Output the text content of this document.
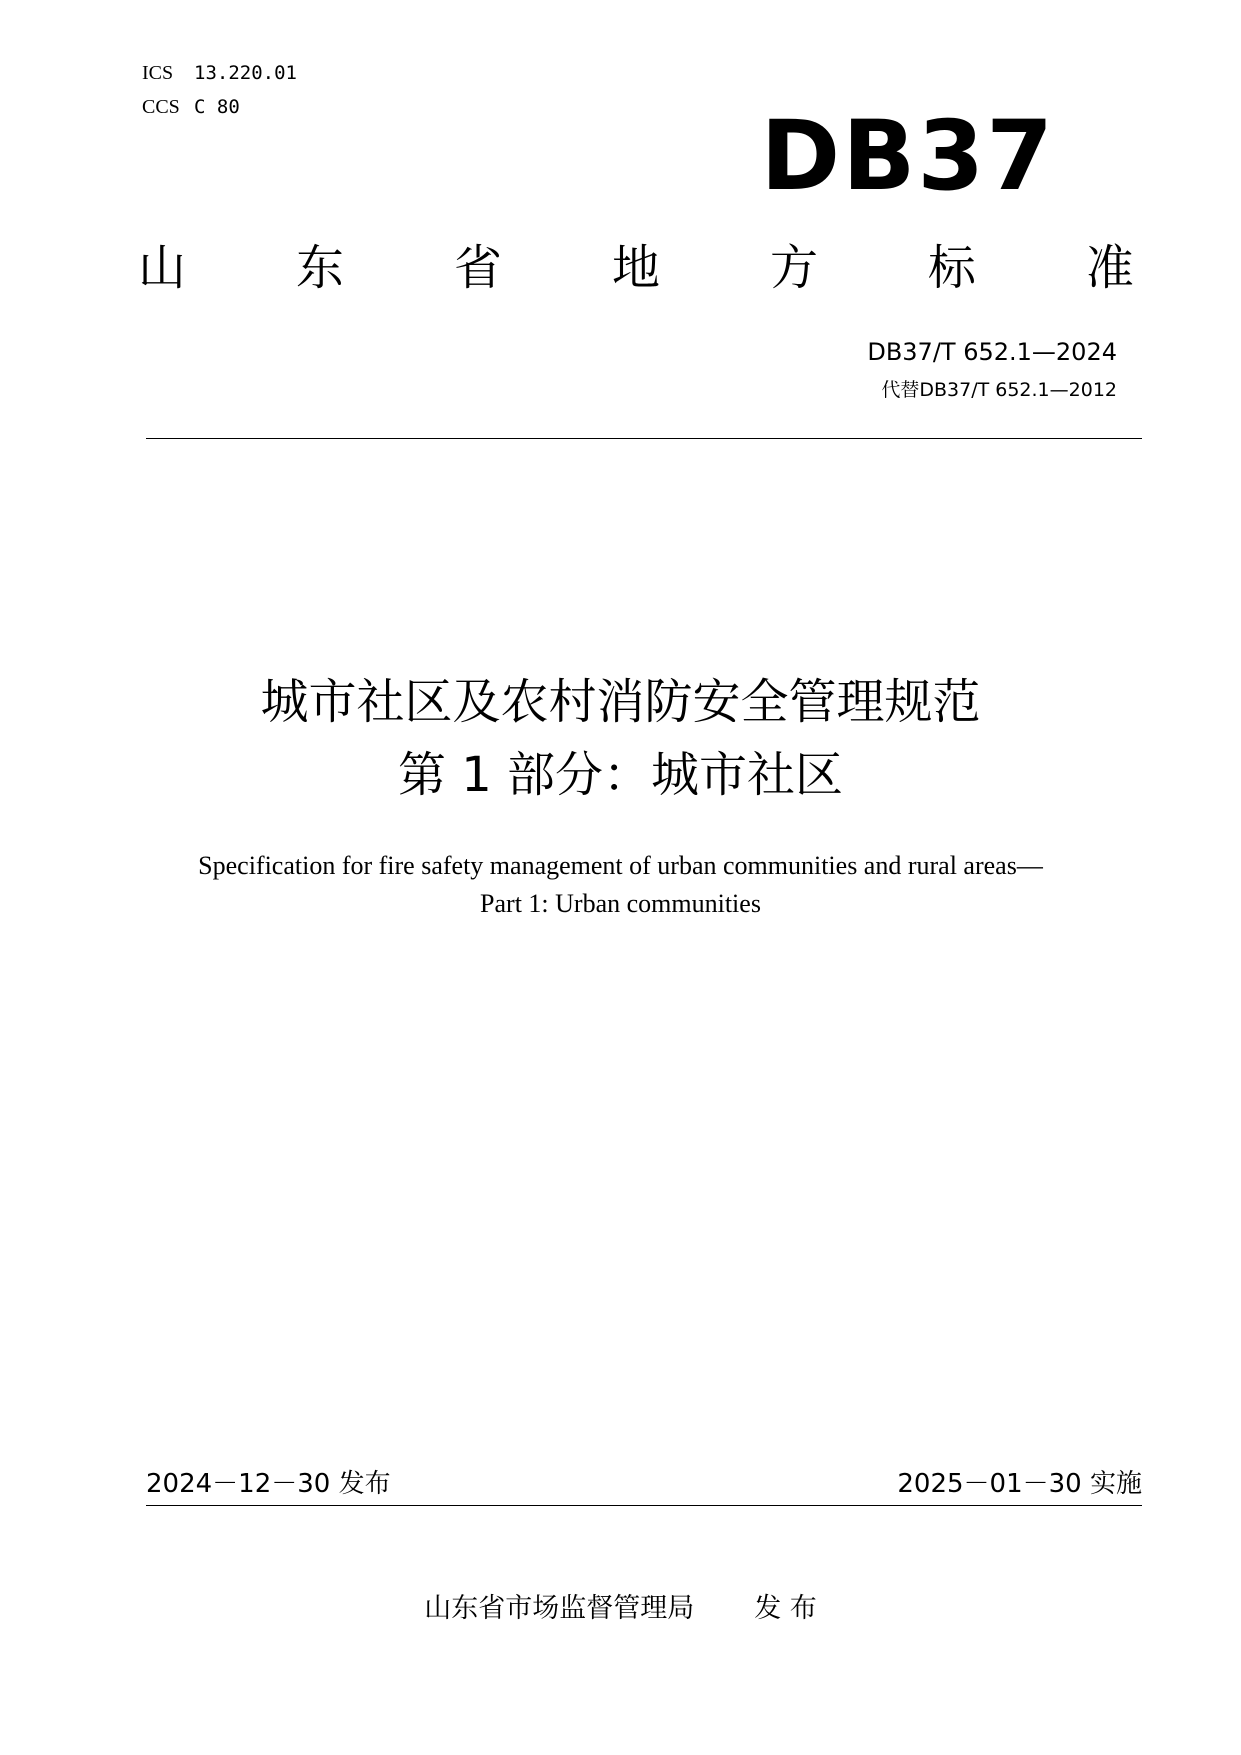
ICS 13.220.01
CCS C 80	DB37
山 东 省 地 方 标 准
DB37/T 652.1—2024
代替DB37/T 652.1—2012
城市社区及农村消防安全管理规范
第 1 部分：城市社区
Specification for fire safety management of urban communities and rural areas—
Part 1: Urban communities
2024－12－30 发布	2025－01－30 实施
山东省市场监督管理局 发 布
